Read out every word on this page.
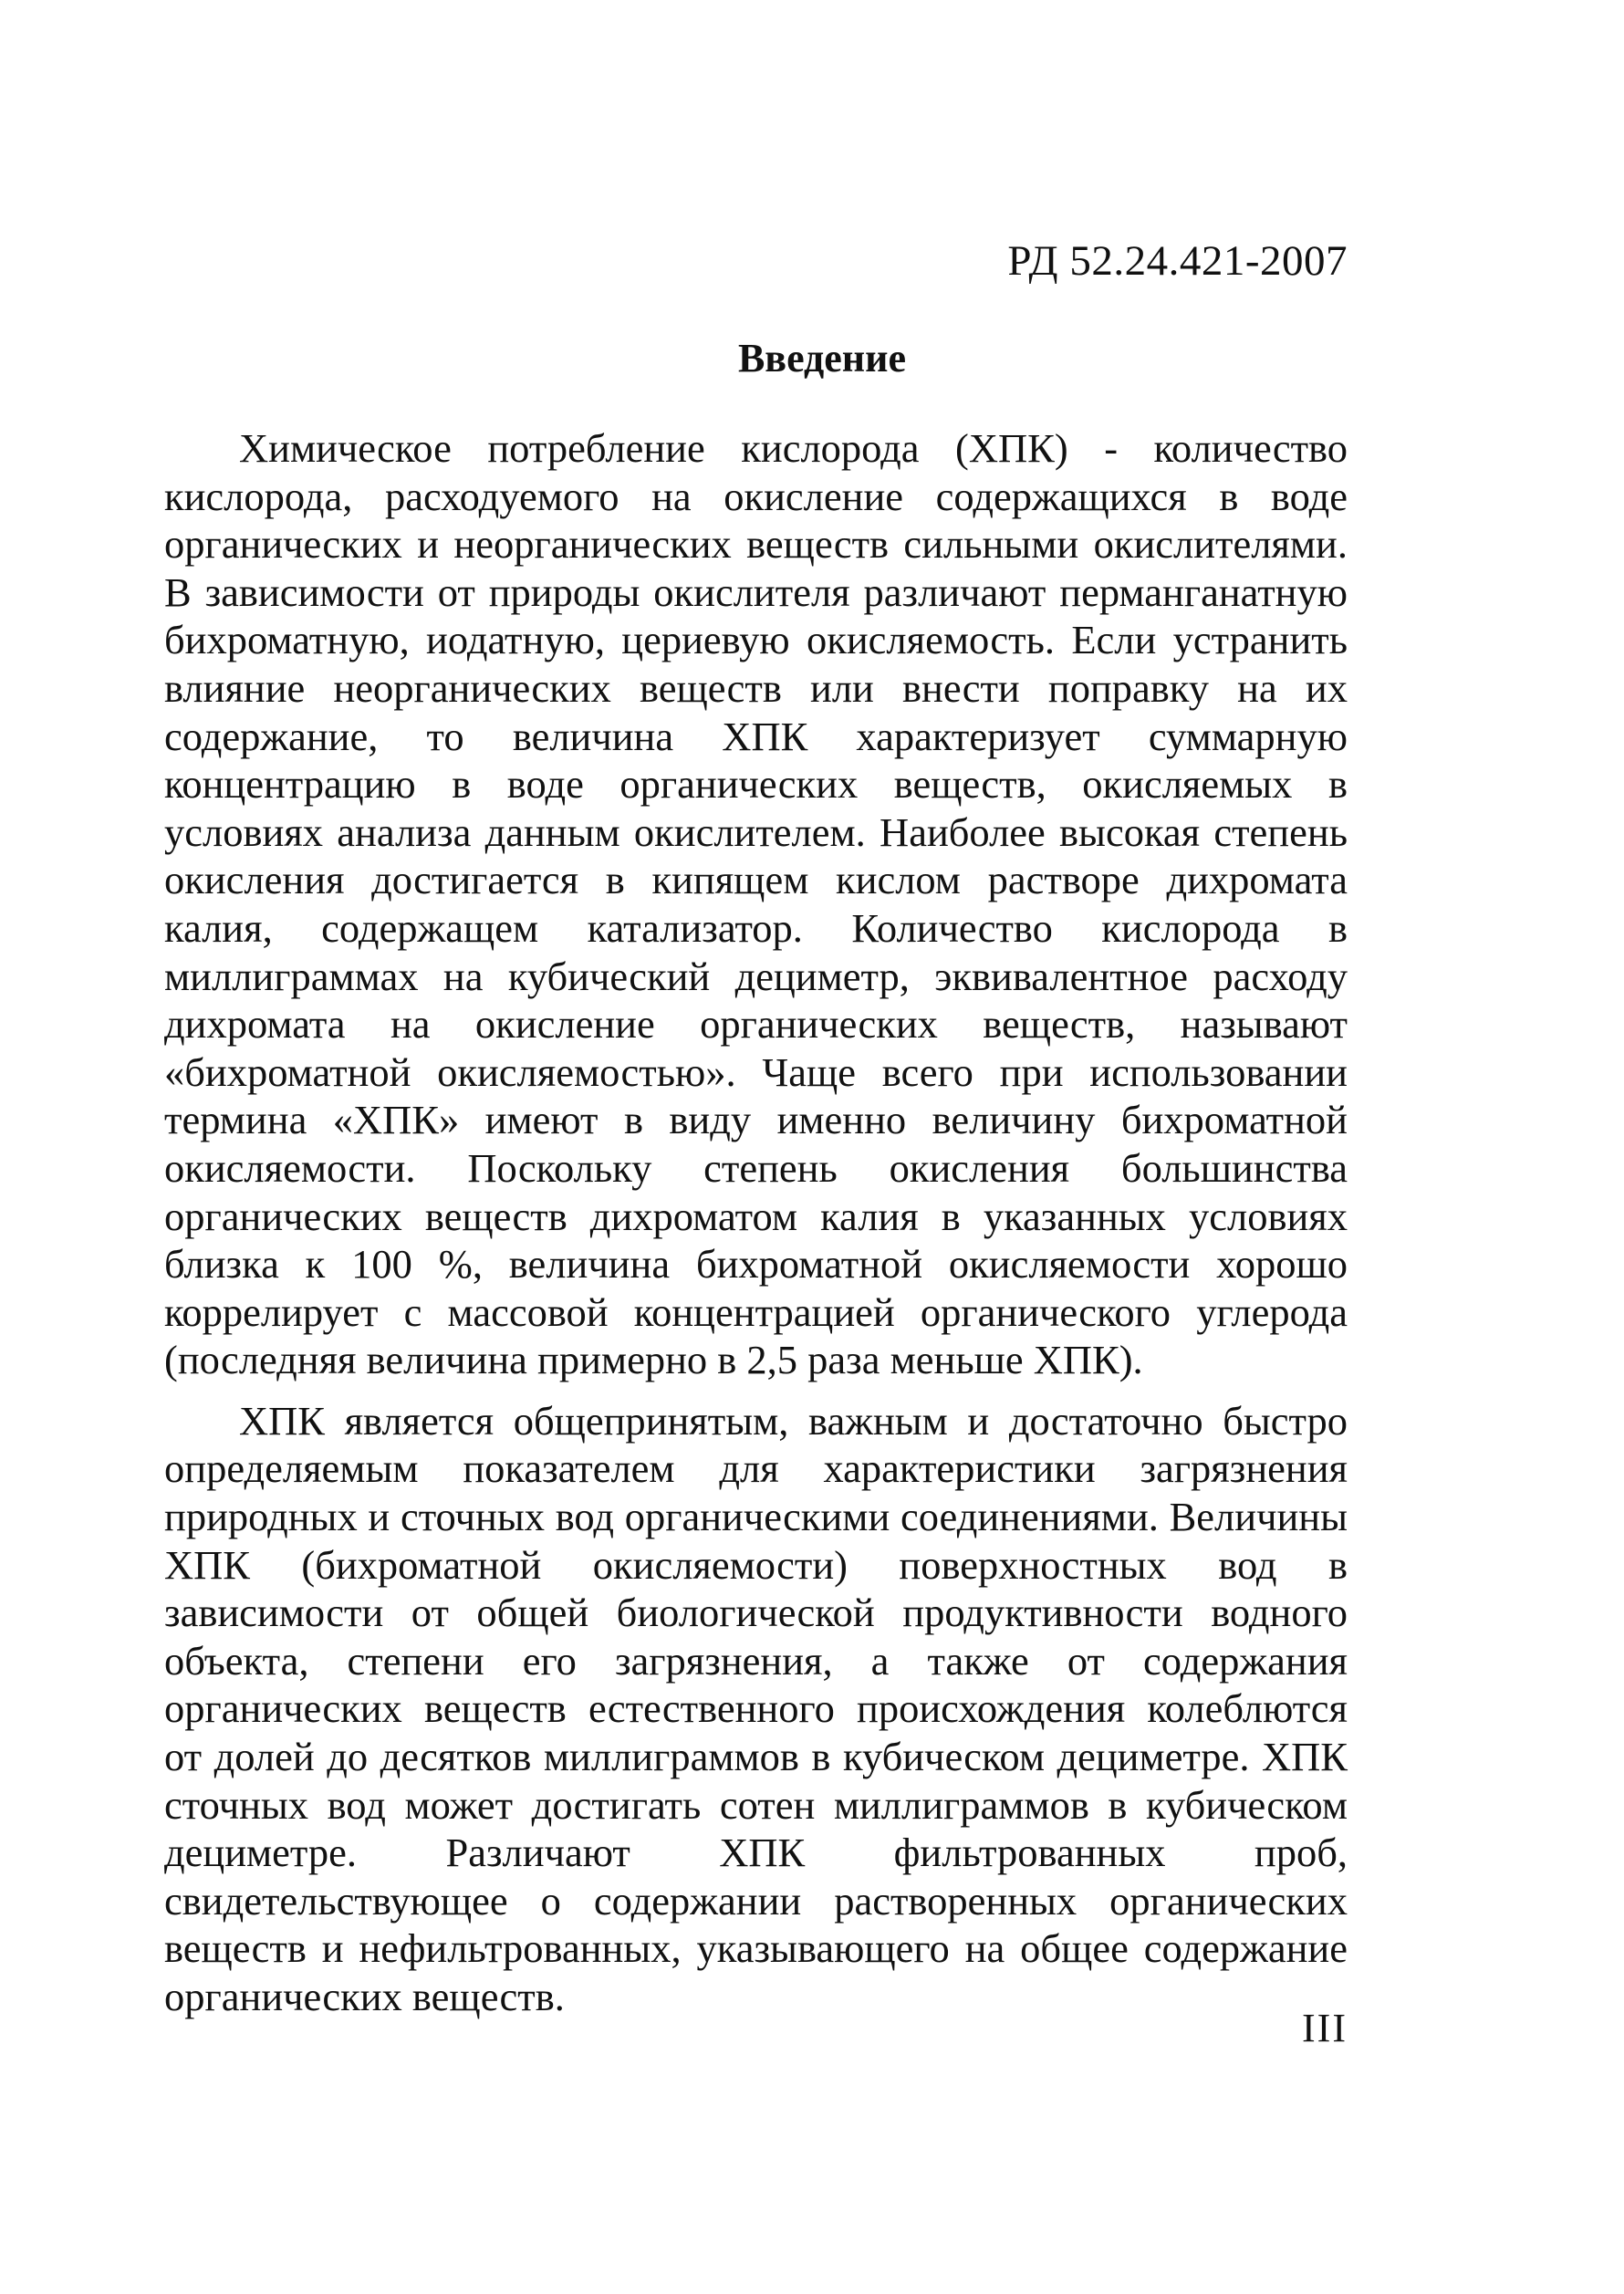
РД 52.24.421-2007
Введение

Химическое потребление кислорода (ХПК) - количество кислорода, расходуемого на окисление содержащихся в воде органических и неорганических веществ сильными окислителями. В зависимости от природы окислителя различают перманганатную бихроматную, иодатную, цериевую окисляемость. Если устранить влияние неорганических веществ или внести поправку на их содержание, то величина ХПК характеризует суммарную концентрацию в воде органических веществ, окисляемых в условиях анализа данным окислителем. Наиболее высокая степень окисления достигается в кипящем кислом растворе дихромата калия, содержащем катализатор. Количество кислорода в миллиграммах на кубический дециметр, эквивалентное расходу дихромата на окисление органических веществ, называют «бихроматной окисляемостью». Чаще всего при использовании термина «ХПК» имеют в виду именно величину бихроматной окисляемости. Поскольку степень окисления большинства органических веществ дихроматом калия в указанных условиях близка к 100 %, величина бихроматной окисляемости хорошо коррелирует с массовой концентрацией органического углерода (последняя величина примерно в 2,5 раза меньше ХПК).

ХПК является общепринятым, важным и достаточно быстро определяемым показателем для характеристики загрязнения природных и сточных вод органическими соединениями. Величины ХПК (бихроматной окисляемости) поверхностных вод в зависимости от общей биологической продуктивности водного объекта, степени его загрязнения, а также от содержания органических веществ естественного происхождения колеблются от долей до десятков миллиграммов в кубическом дециметре. ХПК сточных вод может достигать сотен миллиграммов в кубическом дециметре. Различают ХПК фильтрованных проб, свидетельствующее о содержании растворенных органических веществ и нефильтрованных, указывающего на общее содержание органических веществ.

III
